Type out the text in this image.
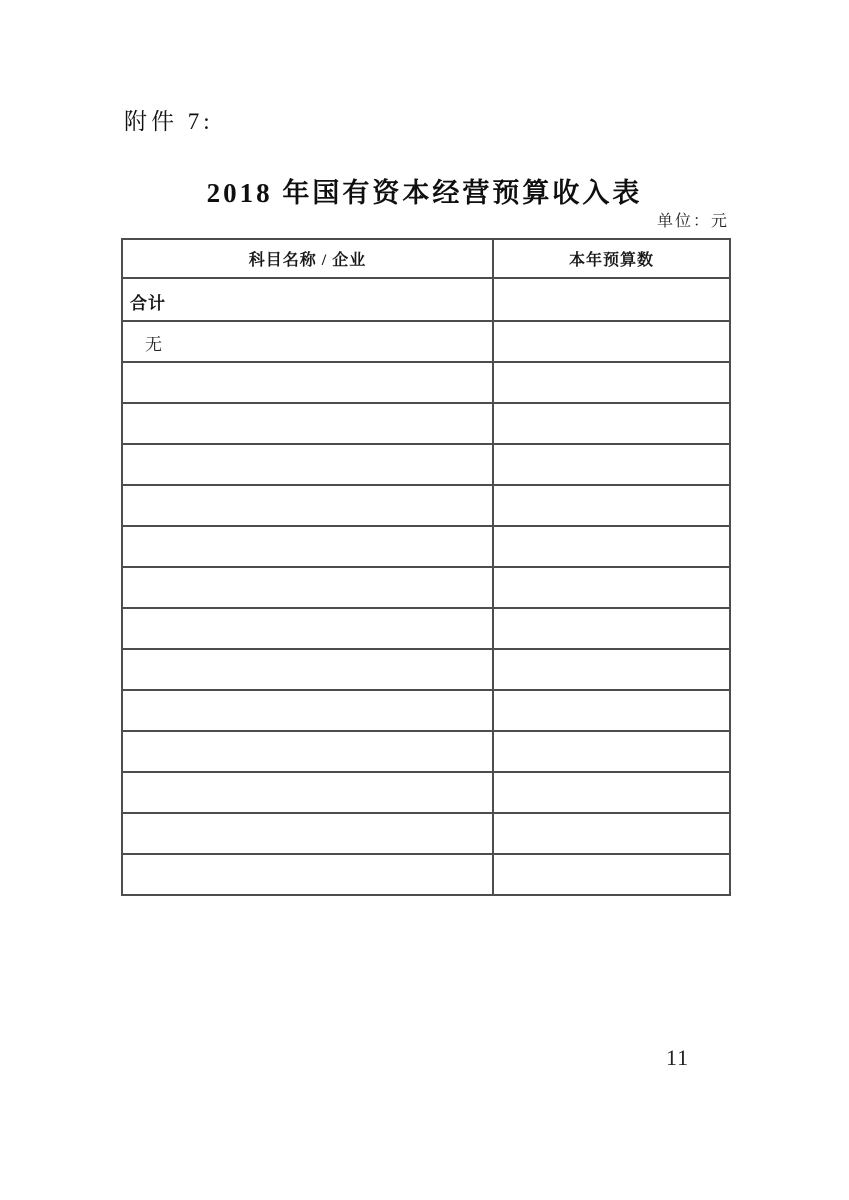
附件 7:
2018 年国有资本经营预算收入表
单位：元
科目名称 / 企业	本年预算数
合计	
无	

11
